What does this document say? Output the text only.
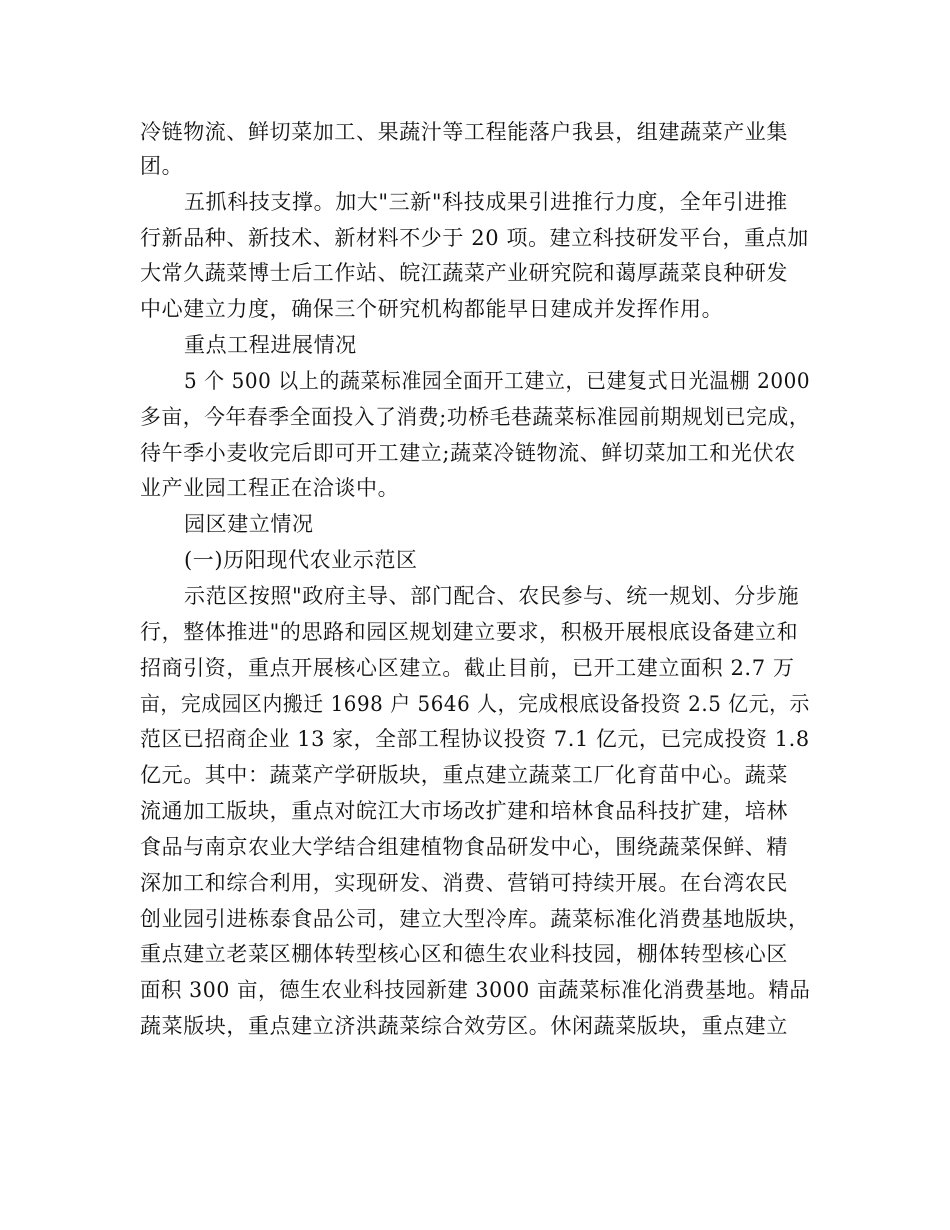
冷链物流、鲜切菜加工、果蔬汁等工程能落户我县，组建蔬菜产业集
团。
五抓科技支撑。加大"三新"科技成果引进推行力度，全年引进推
行新品种、新技术、新材料不少于 20 项。建立科技研发平台，重点加
大常久蔬菜博士后工作站、皖江蔬菜产业研究院和蔼厚蔬菜良种研发
中心建立力度，确保三个研究机构都能早日建成并发挥作用。
重点工程进展情况
5 个 500 以上的蔬菜标准园全面开工建立，已建复式日光温棚 2000
多亩，今年春季全面投入了消费;功桥毛巷蔬菜标准园前期规划已完成，
待午季小麦收完后即可开工建立;蔬菜冷链物流、鲜切菜加工和光伏农
业产业园工程正在洽谈中。
园区建立情况
(一)历阳现代农业示范区
示范区按照"政府主导、部门配合、农民参与、统一规划、分步施
行，整体推进"的思路和园区规划建立要求，积极开展根底设备建立和
招商引资，重点开展核心区建立。截止目前，已开工建立面积 2.7 万
亩，完成园区内搬迁 1698 户 5646 人，完成根底设备投资 2.5 亿元，示
范区已招商企业 13 家，全部工程协议投资 7.1 亿元，已完成投资 1.8
亿元。其中：蔬菜产学研版块，重点建立蔬菜工厂化育苗中心。蔬菜
流通加工版块，重点对皖江大市场改扩建和培林食品科技扩建，培林
食品与南京农业大学结合组建植物食品研发中心，围绕蔬菜保鲜、精
深加工和综合利用，实现研发、消费、营销可持续开展。在台湾农民
创业园引进栋泰食品公司，建立大型冷库。蔬菜标准化消费基地版块，
重点建立老菜区棚体转型核心区和德生农业科技园，棚体转型核心区
面积 300 亩，德生农业科技园新建 3000 亩蔬菜标准化消费基地。精品
蔬菜版块，重点建立济洪蔬菜综合效劳区。休闲蔬菜版块，重点建立
